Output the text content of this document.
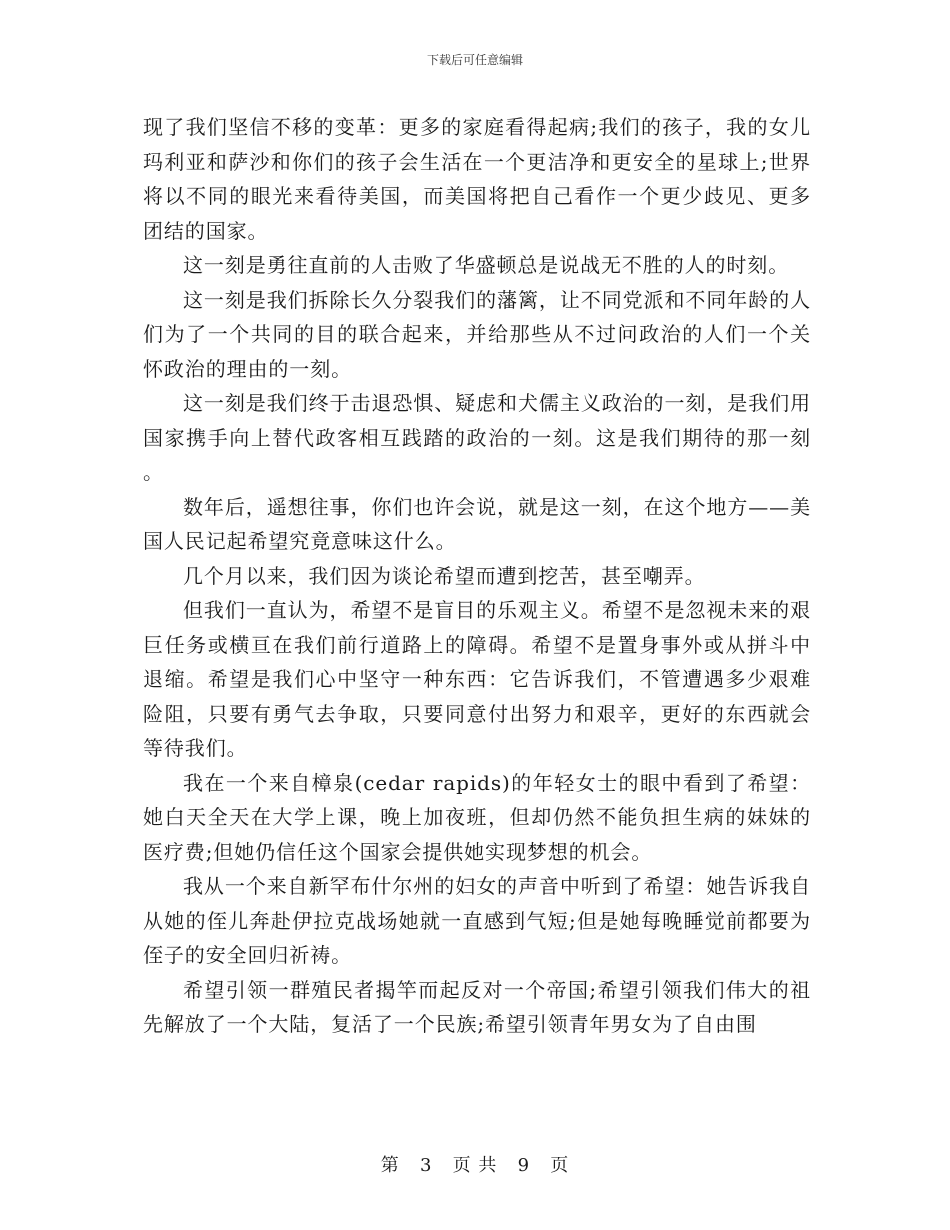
下载后可任意编辑

现了我们坚信不移的变革：更多的家庭看得起病;我们的孩子，我的女儿玛利亚和萨沙和你们的孩子会生活在一个更洁净和更安全的星球上;世界将以不同的眼光来看待美国，而美国将把自己看作一个更少歧见、更多团结的国家。

这一刻是勇往直前的人击败了华盛顿总是说战无不胜的人的时刻。

这一刻是我们拆除长久分裂我们的藩篱，让不同党派和不同年龄的人们为了一个共同的目的联合起来，并给那些从不过问政治的人们一个关怀政治的理由的一刻。

这一刻是我们终于击退恐惧、疑虑和犬儒主义政治的一刻，是我们用国家携手向上替代政客相互践踏的政治的一刻。这是我们期待的那一刻。

数年后，遥想往事，你们也许会说，就是这一刻，在这个地方——美国人民记起希望究竟意味这什么。

几个月以来，我们因为谈论希望而遭到挖苦，甚至嘲弄。

但我们一直认为，希望不是盲目的乐观主义。希望不是忽视未来的艰巨任务或横亘在我们前行道路上的障碍。希望不是置身事外或从拼斗中退缩。希望是我们心中坚守一种东西：它告诉我们，不管遭遇多少艰难险阻，只要有勇气去争取，只要同意付出努力和艰辛，更好的东西就会等待我们。

我在一个来自樟泉(cedar rapids)的年轻女士的眼中看到了希望：她白天全天在大学上课，晚上加夜班，但却仍然不能负担生病的妹妹的医疗费;但她仍信任这个国家会提供她实现梦想的机会。

我从一个来自新罕布什尔州的妇女的声音中听到了希望：她告诉我自从她的侄儿奔赴伊拉克战场她就一直感到气短;但是她每晚睡觉前都要为侄子的安全回归祈祷。

希望引领一群殖民者揭竿而起反对一个帝国;希望引领我们伟大的祖先解放了一个大陆，复活了一个民族;希望引领青年男女为了自由围

第 3 页 共 9 页
